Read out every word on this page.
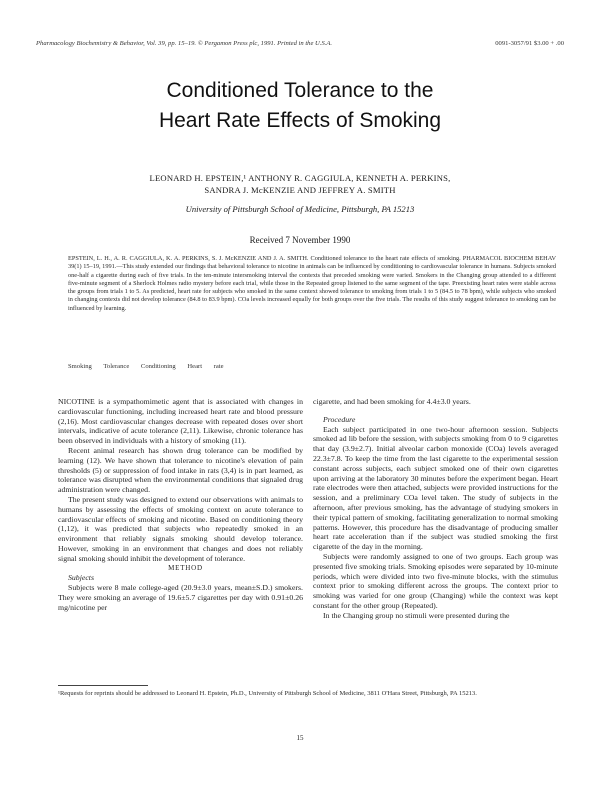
Pharmacology Biochemistry & Behavior, Vol. 39, pp. 15–19. © Pergamon Press plc, 1991. Printed in the U.S.A.	0091-3057/91 $3.00 + .00
Conditioned Tolerance to the
Heart Rate Effects of Smoking
LEONARD H. EPSTEIN,¹ ANTHONY R. CAGGIULA, KENNETH A. PERKINS,
SANDRA J. McKENZIE AND JEFFREY A. SMITH
University of Pittsburgh School of Medicine, Pittsburgh, PA 15213
Received 7 November 1990
EPSTEIN, L. H., A. R. CAGGIULA, K. A. PERKINS, S. J. McKENZIE AND J. A. SMITH. Conditioned tolerance to the heart rate effects of smoking. PHARMACOL BIOCHEM BEHAV 39(1) 15–19, 1991.—This study extended our findings that behavioral tolerance to nicotine in animals can be influenced by conditioning to cardiovascular tolerance in humans. Subjects smoked one-half a cigarette during each of five trials. In the ten-minute intersmoking interval the contexts that preceded smoking were varied. Smokers in the Changing group attended to a different five-minute segment of a Sherlock Holmes radio mystery before each trial, while those in the Repeated group listened to the same segment of the tape. Preexisting heart rates were stable across the groups from trials 1 to 5. As predicted, heart rate for subjects who smoked in the same context showed tolerance to smoking from trials 1 to 5 (84.5 to 78 bpm), while subjects who smoked in changing contexts did not develop tolerance (84.8 to 83.9 bpm). COa levels increased equally for both groups over the five trials. The results of this study suggest tolerance to smoking can be influenced by learning.
Smoking Tolerance Conditioning Heart rate

NICOTINE is a sympathomimetic agent that is associated with changes in cardiovascular functioning, including increased heart rate and blood pressure (2,16). Most cardiovascular changes decrease with repeated doses over short intervals, indicative of acute tolerance (2,11). Likewise, chronic tolerance has been observed in individuals with a history of smoking (11).

Recent animal research has shown drug tolerance can be modified by learning (12). We have shown that tolerance to nicotine's elevation of pain thresholds (5) or suppression of food intake in rats (3,4) is in part learned, as tolerance was disrupted when the environmental conditions that signaled drug administration were changed.

The present study was designed to extend our observations with animals to humans by assessing the effects of smoking context on acute tolerance to cardiovascular effects of smoking and nicotine. Based on conditioning theory (1,12), it was predicted that subjects who repeatedly smoked in an environment that reliably signals smoking should develop tolerance. However, smoking in an environment that changes and does not reliably signal smoking should inhibit the development of tolerance.

METHOD

Subjects

Subjects were 8 male college-aged (20.9±3.0 years, mean±S.D.) smokers. They were smoking an average of 19.6±5.7 cigarettes per day with 0.91±0.26 mg/nicotine per

cigarette, and had been smoking for 4.4±3.0 years.

Procedure

Each subject participated in one two-hour afternoon session. Subjects smoked ad lib before the session, with subjects smoking from 0 to 9 cigarettes that day (3.9±2.7). Initial alveolar carbon monoxide (COa) levels averaged 22.3±7.8. To keep the time from the last cigarette to the experimental session constant across subjects, each subject smoked one of their own cigarettes upon arriving at the laboratory 30 minutes before the experiment began. Heart rate electrodes were then attached, subjects were provided instructions for the session, and a preliminary COa level taken. The study of subjects in the afternoon, after previous smoking, has the advantage of studying smokers in their typical pattern of smoking, facilitating generalization to normal smoking patterns. However, this procedure has the disadvantage of producing smaller heart rate acceleration than if the subject was studied smoking the first cigarette of the day in the morning.

Subjects were randomly assigned to one of two groups. Each group was presented five smoking trials. Smoking episodes were separated by 10-minute periods, which were divided into two five-minute blocks, with the stimulus context prior to smoking different across the groups. The context prior to smoking was varied for one group (Changing) while the context was kept constant for the other group (Repeated).

In the Changing group no stimuli were presented during the

¹Requests for reprints should be addressed to Leonard H. Epstein, Ph.D., University of Pittsburgh School of Medicine, 3811 O'Hara Street, Pittsburgh, PA 15213.
15
